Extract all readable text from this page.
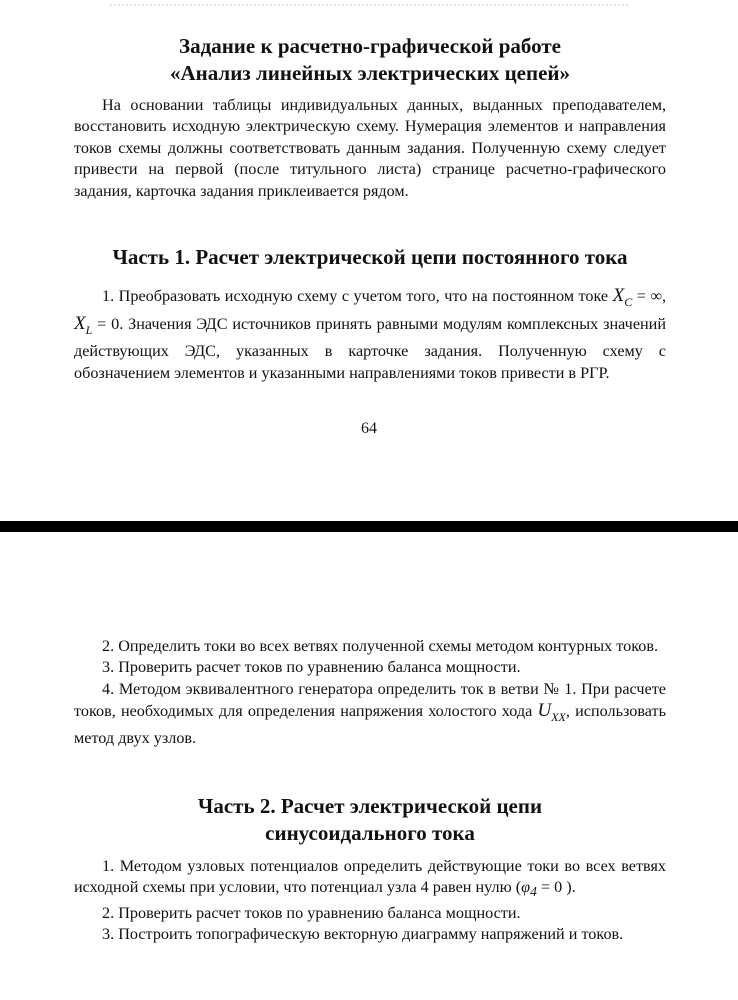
Задание к расчетно-графической работе

«Анализ линейных электрических цепей»

На основании таблицы индивидуальных данных, выданных преподавателем, восстановить исходную электрическую схему. Нумерация элементов и направления токов схемы должны соответствовать данным задания. Полученную схему следует привести на первой (после титульного листа) странице расчетно-графического задания, карточка задания приклеивается рядом.

Часть 1. Расчет электрической цепи постоянного тока

1. Преобразовать исходную схему с учетом того, что на постоянном токе $X_C$ = ∞, $X_L = 0$. Значения ЭДС источников принять равными модулям комплексных значений действующих ЭДС, указанных в карточке задания. Полученную схему с обозначением элементов и указанными направлениями токов привести в РГР.

64

2. Определить токи во всех ветвях полученной схемы методом контурных токов.

3. Проверить расчет токов по уравнению баланса мощности.

4. Методом эквивалентного генератора определить ток в ветви № 1. При расчете токов, необходимых для определения напряжения холостого хода $U_{XX}$, использовать метод двух узлов.

Часть 2. Расчет электрической цепи

синусоидального тока

1. Методом узловых потенциалов определить действующие токи во всех ветвях исходной схемы при условии, что потенциал узла 4 равен нулю ($\varphi_4 = 0$ ).

2. Проверить расчет токов по уравнению баланса мощности.

3. Построить топографическую векторную диаграмму напряжений и токов.
